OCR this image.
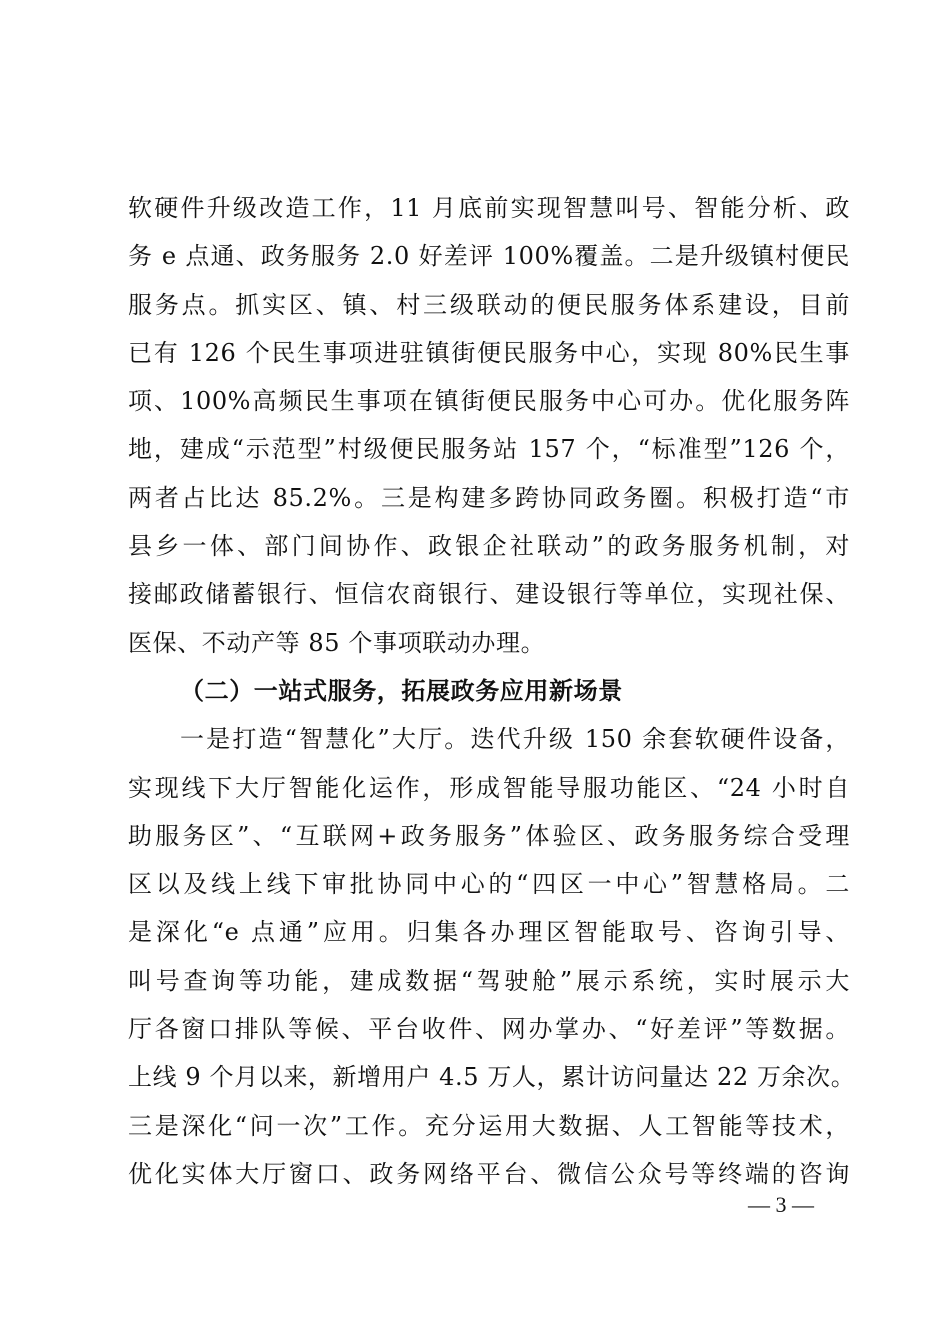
软硬件升级改造工作，11 月底前实现智慧叫号、智能分析、政
务 e 点通、政务服务 2.0 好差评 100%覆盖。二是升级镇村便民
服务点。抓实区、镇、村三级联动的便民服务体系建设，目前
已有 126 个民生事项进驻镇街便民服务中心，实现 80%民生事
项、100%高频民生事项在镇街便民服务中心可办。优化服务阵
地，建成“示范型”村级便民服务站 157 个，“标准型”126 个，
两者占比达 85.2%。三是构建多跨协同政务圈。积极打造“市
县乡一体、部门间协作、政银企社联动”的政务服务机制，对
接邮政储蓄银行、恒信农商银行、建设银行等单位，实现社保、
医保、不动产等 85 个事项联动办理。
（二）一站式服务，拓展政务应用新场景
一是打造“智慧化”大厅。迭代升级 150 余套软硬件设备，
实现线下大厅智能化运作，形成智能导服功能区、“24 小时自
助服务区”、“互联网+政务服务”体验区、政务服务综合受理
区以及线上线下审批协同中心的“四区一中心”智慧格局。二
是深化“e 点通”应用。归集各办理区智能取号、咨询引导、
叫号查询等功能，建成数据“驾驶舱”展示系统，实时展示大
厅各窗口排队等候、平台收件、网办掌办、“好差评”等数据。
上线 9 个月以来，新增用户 4.5 万人，累计访问量达 22 万余次。
三是深化“问一次”工作。充分运用大数据、人工智能等技术，
优化实体大厅窗口、政务网络平台、微信公众号等终端的咨询
— 3 —
